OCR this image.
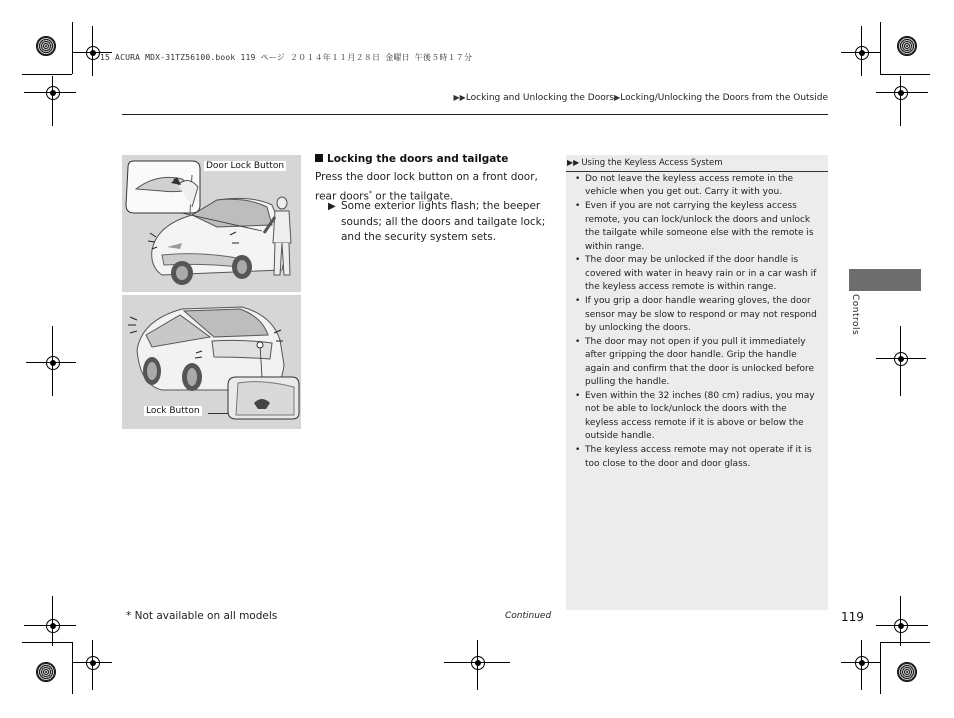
15 ACURA MDX-31TZ56100.book 119 ページ ２０１４年１１月２８日 金曜日 午後５時１７分
▶▶Locking and Unlocking the Doors▶Locking/Unlocking the Doors from the Outside
Door Lock Button
Lock Button
Locking the doors and tailgate
Press the door lock button on a front door, rear doors* or the tailgate.
▶ Some exterior lights flash; the beeper sounds; all the doors and tailgate lock; and the security system sets.
▶▶ Using the Keyless Access System
• Do not leave the keyless access remote in the vehicle when you get out. Carry it with you.
• Even if you are not carrying the keyless access remote, you can lock/unlock the doors and unlock the tailgate while someone else with the remote is within range.
• The door may be unlocked if the door handle is covered with water in heavy rain or in a car wash if the keyless access remote is within range.
• If you grip a door handle wearing gloves, the door sensor may be slow to respond or may not respond by unlocking the doors.
• The door may not open if you pull it immediately after gripping the door handle. Grip the handle again and confirm that the door is unlocked before pulling the handle.
• Even within the 32 inches (80 cm) radius, you may not be able to lock/unlock the doors with the keyless access remote if it is above or below the outside handle.
• The keyless access remote may not operate if it is too close to the door and door glass.
Controls
* Not available on all models	Continued	119
